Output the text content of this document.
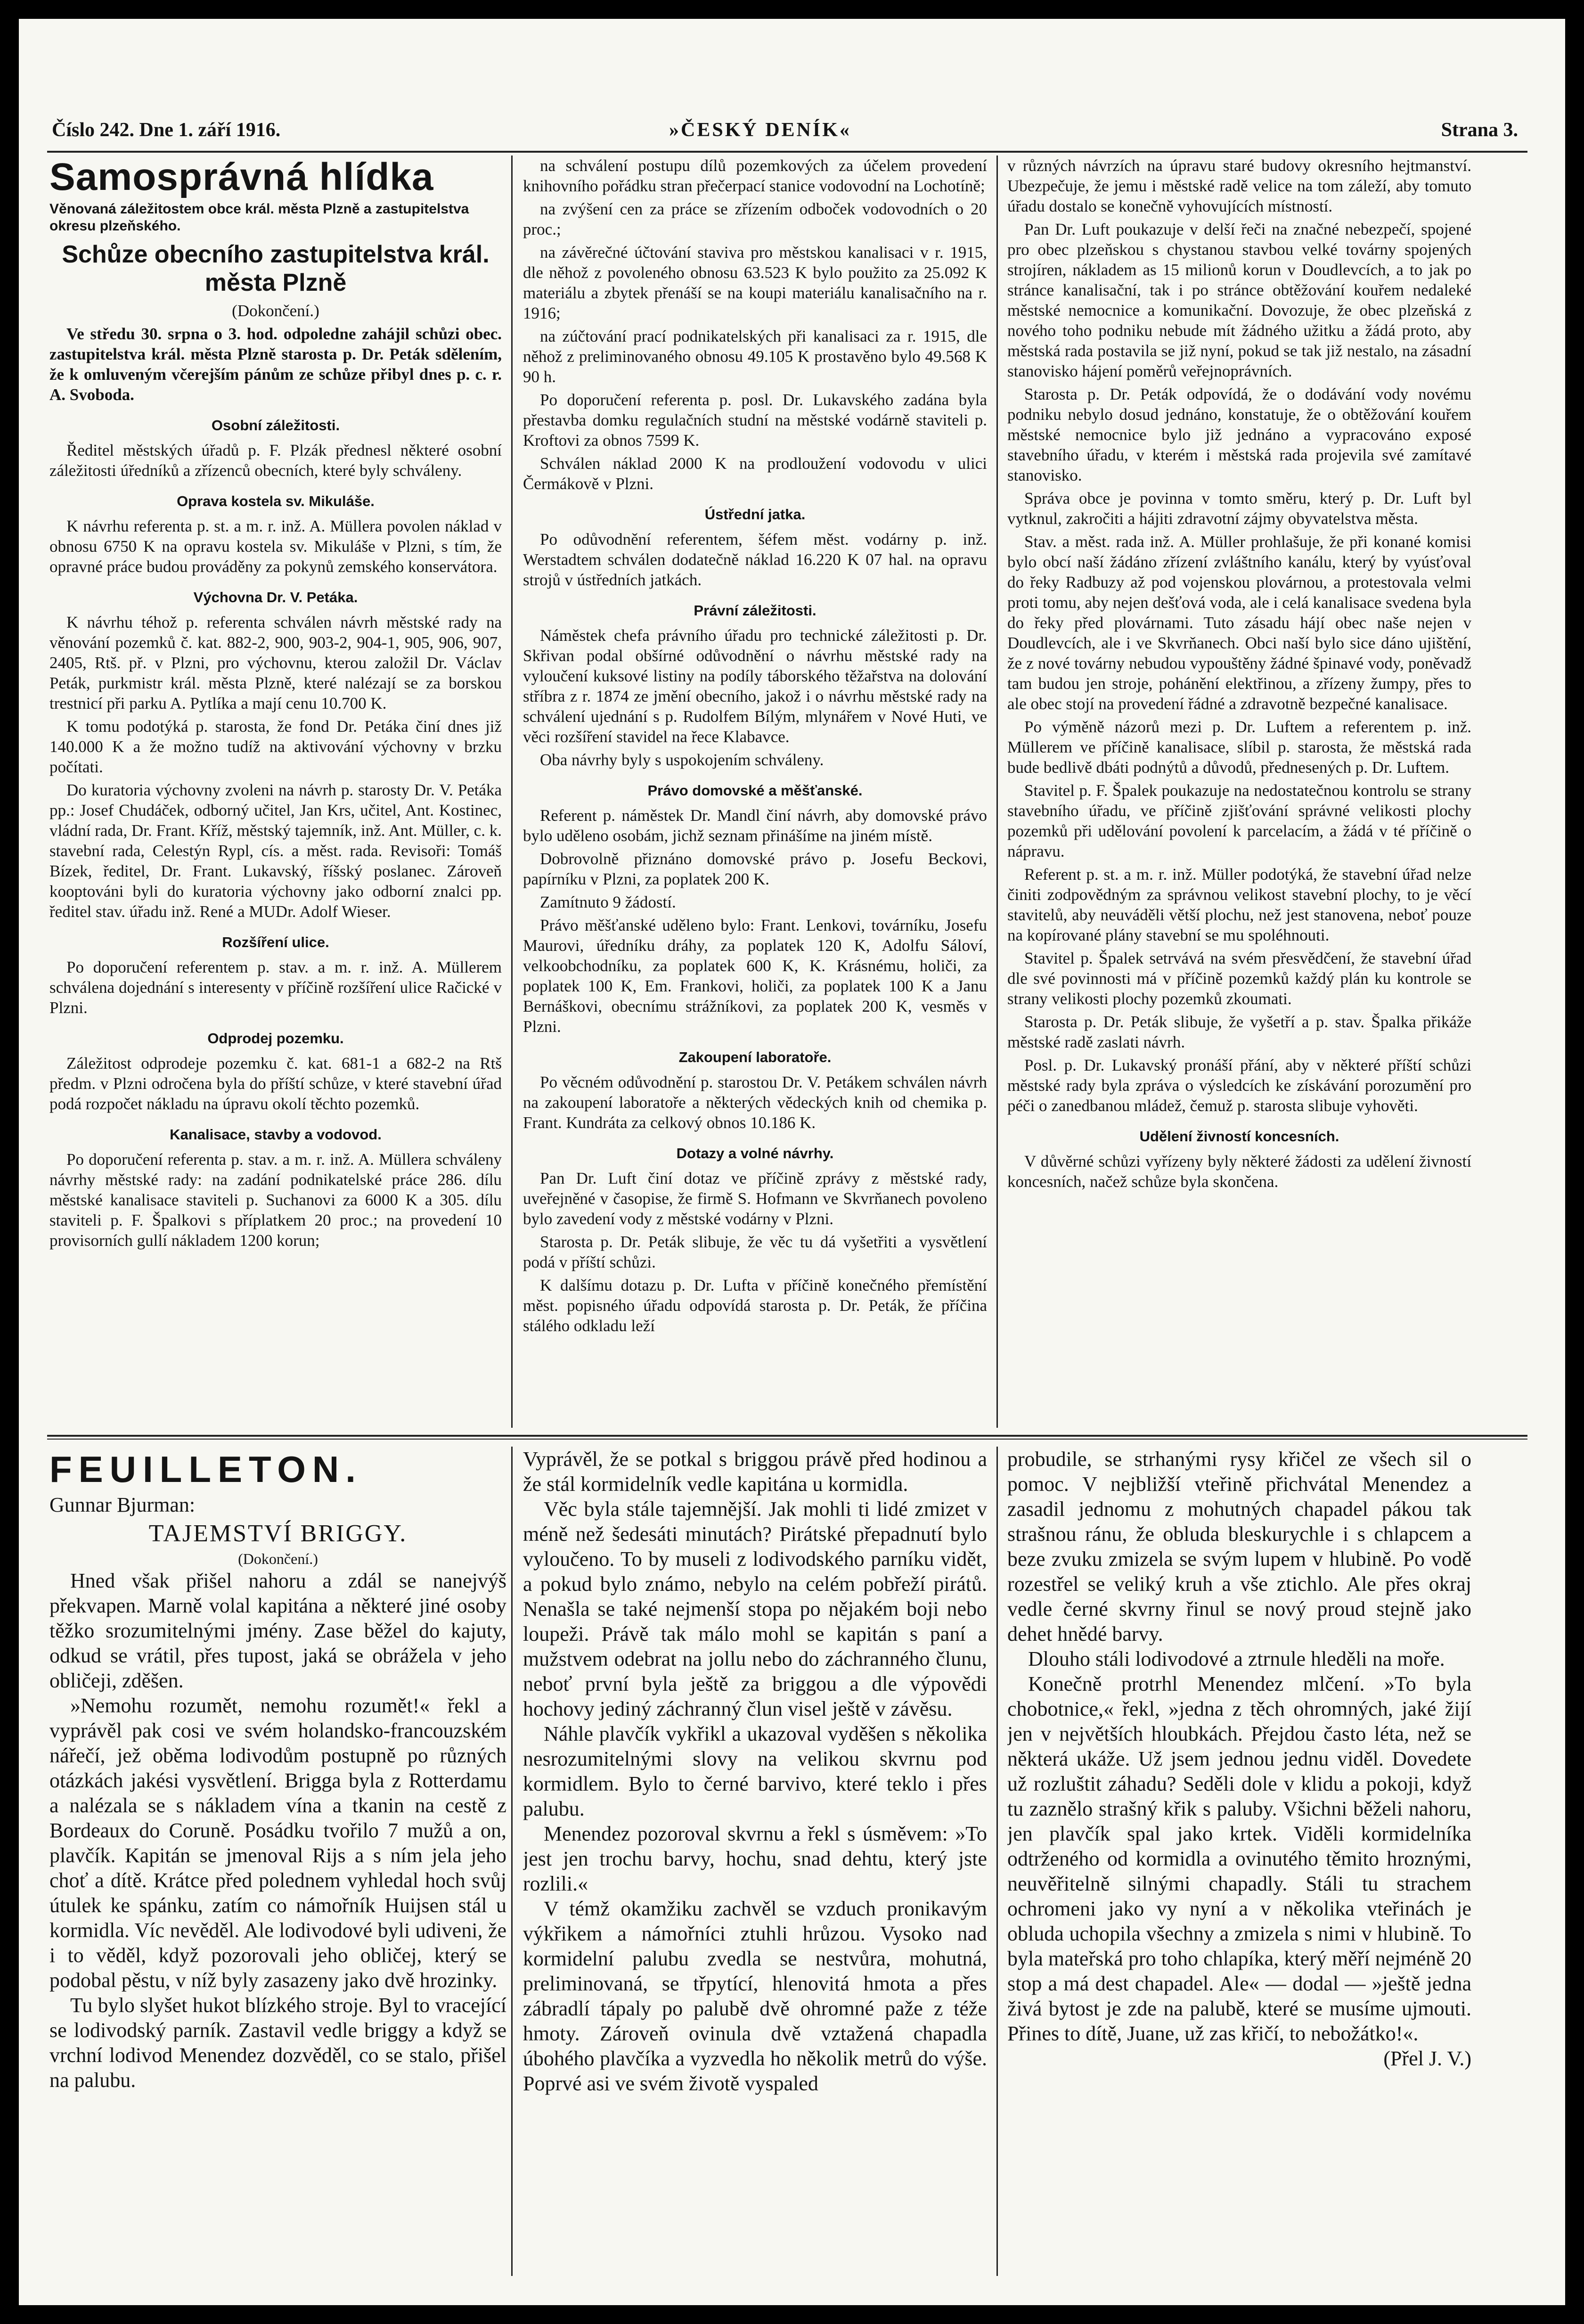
Číslo 242. Dne 1. září 1916.	»ČESKÝ DENÍK«	Strana 3.
Samosprávná hlídka
Věnovaná záležitostem obce král. města Plzně a zastupitelstva okresu plzeňského.
Schůze obecního zastupitelstva král. města Plzně

(Dokončení.)

Ve středu 30. srpna o 3. hod. odpoledne zahájil schůzi obec. zastupitelstva král. města Plzně starosta p. Dr. Peták sdělením, že k omluveným včerejším pánům ze schůze přibyl dnes p. c. r. A. Svoboda.

Osobní záležitosti.

Ředitel městských úřadů p. F. Plzák přednesl některé osobní záležitosti úředníků a zřízenců obecních, které byly schváleny.

Oprava kostela sv. Mikuláše.

K návrhu referenta p. st. a m. r. inž. A. Müllera povolen náklad v obnosu 6750 K na opravu kostela sv. Mikuláše v Plzni, s tím, že opravné práce budou prováděny za pokynů zemského konservátora.

Výchovna Dr. V. Petáka.

K návrhu téhož p. referenta schválen návrh městské rady na věnování pozemků č. kat. 882-2, 900, 903-2, 904-1, 905, 906, 907, 2405, Rtš. př. v Plzni, pro výchovnu, kterou založil Dr. Václav Peták, purkmistr král. města Plzně, které nalézají se za borskou trestnicí při parku A. Pytlíka a mají cenu 10.700 K.

K tomu podotýká p. starosta, že fond Dr. Petáka činí dnes již 140.000 K a že možno tudíž na aktivování výchovny v brzku počítati.

Do kuratoria výchovny zvoleni na návrh p. starosty Dr. V. Petáka pp.: Josef Chudáček, odborný učitel, Jan Krs, učitel, Ant. Kostinec, vládní rada, Dr. Frant. Kříž, městský tajemník, inž. Ant. Müller, c. k. stavební rada, Celestýn Rypl, cís. a měst. rada. Revisoři: Tomáš Bízek, ředitel, Dr. Frant. Lukavský, říšský poslanec. Zároveň kooptováni byli do kuratoria výchovny jako odborní znalci pp. ředitel stav. úřadu inž. René a MUDr. Adolf Wieser.

Rozšíření ulice.

Po doporučení referentem p. stav. a m. r. inž. A. Müllerem schválena dojednání s interesenty v příčině rozšíření ulice Račické v Plzni.

Odprodej pozemku.

Záležitost odprodeje pozemku č. kat. 681-1 a 682-2 na Rtš předm. v Plzni odročena byla do příští schůze, v které stavební úřad podá rozpočet nákladu na úpravu okolí těchto pozemků.

Kanalisace, stavby a vodovod.

Po doporučení referenta p. stav. a m. r. inž. A. Müllera schváleny návrhy městské rady: na zadání podnikatelské práce 286. dílu městské kanalisace staviteli p. Suchanovi za 6000 K a 305. dílu staviteli p. F. Špalkovi s příplatkem 20 proc.; na provedení 10 provisorních gullí nákladem 1200 korun;

na schválení postupu dílů pozemkových za účelem provedení knihovního pořádku stran přečerpací stanice vodovodní na Lochotíně;

na zvýšení cen za práce se zřízením odboček vodovodních o 20 proc.;

na závěrečné účtování staviva pro městskou kanalisaci v r. 1915, dle něhož z povoleného obnosu 63.523 K bylo použito za 25.092 K materiálu a zbytek přenáší se na koupi materiálu kanalisačního na r. 1916;

na zúčtování prací podnikatelských při kanalisaci za r. 1915, dle něhož z preliminovaného obnosu 49.105 K prostavěno bylo 49.568 K 90 h.

Po doporučení referenta p. posl. Dr. Lukavského zadána byla přestavba domku regulačních studní na městské vodárně staviteli p. Kroftovi za obnos 7599 K.

Schválen náklad 2000 K na prodloužení vodovodu v ulici Čermákově v Plzni.

Ústřední jatka.

Po odůvodnění referentem, šéfem měst. vodárny p. inž. Werstadtem schválen dodatečně náklad 16.220 K 07 hal. na opravu strojů v ústředních jatkách.

Právní záležitosti.

Náměstek chefa právního úřadu pro technické záležitosti p. Dr. Skřivan podal obšírné odůvodnění o návrhu městské rady na vyloučení kuksové listiny na podíly táborského těžařstva na dolování stříbra z r. 1874 ze jmění obecního, jakož i o návrhu městské rady na schválení ujednání s p. Rudolfem Bílým, mlynářem v Nové Huti, ve věci rozšíření stavidel na řece Klabavce.

Oba návrhy byly s uspokojením schváleny.

Právo domovské a měšťanské.

Referent p. náměstek Dr. Mandl činí návrh, aby domovské právo bylo uděleno osobám, jichž seznam přinášíme na jiném místě.

Dobrovolně přiznáno domovské právo p. Josefu Beckovi, papírníku v Plzni, za poplatek 200 K.

Zamítnuto 9 žádostí.

Právo měšťanské uděleno bylo: Frant. Lenkovi, továrníku, Josefu Maurovi, úředníku dráhy, za poplatek 120 K, Adolfu Sáloví, velkoobchodníku, za poplatek 600 K, K. Krásnému, holiči, za poplatek 100 K, Em. Frankovi, holiči, za poplatek 100 K a Janu Bernáškovi, obecnímu strážníkovi, za poplatek 200 K, vesměs v Plzni.

Zakoupení laboratoře.

Po věcném odůvodnění p. starostou Dr. V. Petákem schválen návrh na zakoupení laboratoře a některých vědeckých knih od chemika p. Frant. Kundráta za celkový obnos 10.186 K.

Dotazy a volné návrhy.

Pan Dr. Luft činí dotaz ve příčině zprávy z městské rady, uveřejněné v časopise, že firmě S. Hofmann ve Skvrňanech povoleno bylo zavedení vody z městské vodárny v Plzni.

Starosta p. Dr. Peták slibuje, že věc tu dá vyšetřiti a vysvětlení podá v příští schůzi.

K dalšímu dotazu p. Dr. Lufta v příčině konečného přemístění měst. popisného úřadu odpovídá starosta p. Dr. Peták, že příčina stálého odkladu leží

v různých návrzích na úpravu staré budovy okresního hejtmanství. Ubezpečuje, že jemu i městské radě velice na tom záleží, aby tomuto úřadu dostalo se konečně vyhovujících místností.

Pan Dr. Luft poukazuje v delší řeči na značné nebezpečí, spojené pro obec plzeňskou s chystanou stavbou velké továrny spojených strojíren, nákladem as 15 milionů korun v Doudlevcích, a to jak po stránce kanalisační, tak i po stránce obtěžování kouřem nedaleké městské nemocnice a komunikační. Dovozuje, že obec plzeňská z nového toho podniku nebude mít žádného užitku a žádá proto, aby městská rada postavila se již nyní, pokud se tak již nestalo, na zásadní stanovisko hájení poměrů veřejnoprávních.

Starosta p. Dr. Peták odpovídá, že o dodávání vody novému podniku nebylo dosud jednáno, konstatuje, že o obtěžování kouřem městské nemocnice bylo již jednáno a vypracováno exposé stavebního úřadu, v kterém i městská rada projevila své zamítavé stanovisko.

Správa obce je povinna v tomto směru, který p. Dr. Luft byl vytknul, zakročiti a hájiti zdravotní zájmy obyvatelstva města.

Stav. a měst. rada inž. A. Müller prohlašuje, že při konané komisi bylo obcí naší žádáno zřízení zvláštního kanálu, který by vyúsťoval do řeky Radbuzy až pod vojenskou plovárnou, a protestovala velmi proti tomu, aby nejen dešťová voda, ale i celá kanalisace svedena byla do řeky před plovárnami. Tuto zásadu hájí obec naše nejen v Doudlevcích, ale i ve Skvrňanech. Obci naší bylo sice dáno ujištění, že z nové továrny nebudou vypouštěny žádné špinavé vody, poněvadž tam budou jen stroje, pohánění elektřinou, a zřízeny žumpy, přes to ale obec stojí na provedení řádné a zdravotně bezpečné kanalisace.

Po výměně názorů mezi p. Dr. Luftem a referentem p. inž. Müllerem ve příčině kanalisace, slíbil p. starosta, že městská rada bude bedlivě dbáti podnýtů a důvodů, přednesených p. Dr. Luftem.

Stavitel p. F. Špalek poukazuje na nedostatečnou kontrolu se strany stavebního úřadu, ve příčině zjišťování správné velikosti plochy pozemků při udělování povolení k parcelacím, a žádá v té příčině o nápravu.

Referent p. st. a m. r. inž. Müller podotýká, že stavební úřad nelze činiti zodpovědným za správnou velikost stavební plochy, to je věcí stavitelů, aby neuváděli větší plochu, než jest stanovena, neboť pouze na kopírované plány stavební se mu spoléhnouti.

Stavitel p. Špalek setrvává na svém přesvědčení, že stavební úřad dle své povinnosti má v příčině pozemků každý plán ku kontrole se strany velikosti plochy pozemků zkoumati.

Starosta p. Dr. Peták slibuje, že vyšetří a p. stav. Špalka přikáže městské radě zaslati návrh.

Posl. p. Dr. Lukavský pronáší přání, aby v některé příští schůzi městské rady byla zpráva o výsledcích ke získávání porozumění pro péči o zanedbanou mládež, čemuž p. starosta slibuje vyhověti.

Udělení živností koncesních.

V důvěrné schůzi vyřízeny byly některé žádosti za udělení živností koncesních, načež schůze byla skončena.

FEUILLETON.
Gunnar Bjurman:
TAJEMSTVÍ BRIGGY.
(Dokončení.)

Hned však přišel nahoru a zdál se nanejvýš překvapen. Marně volal kapitána a některé jiné osoby těžko srozumitelnými jmény. Zase běžel do kajuty, odkud se vrátil, přes tupost, jaká se obrážela v jeho obličeji, zděšen.

»Nemohu rozumět, nemohu rozumět!« řekl a vyprávěl pak cosi ve svém holandsko-francouzském nářečí, jež oběma lodivodům postupně po různých otázkách jakési vysvětlení. Brigga byla z Rotterdamu a nalézala se s nákladem vína a tkanin na cestě z Bordeaux do Coruně. Posádku tvořilo 7 mužů a on, plavčík. Kapitán se jmenoval Rijs a s ním jela jeho choť a dítě. Krátce před polednem vyhledal hoch svůj útulek ke spánku, zatím co námořník Huijsen stál u kormidla. Víc nevěděl. Ale lodivodové byli udiveni, že i to věděl, když pozorovali jeho obličej, který se podobal pěstu, v níž byly zasazeny jako dvě hrozinky.

Tu bylo slyšet hukot blízkého stroje. Byl to vracející se lodivodský parník. Zastavil vedle briggy a když se vrchní lodivod Menendez dozvěděl, co se stalo, přišel na palubu.

Vyprávěl, že se potkal s briggou právě před hodinou a že stál kormidelník vedle kapitána u kormidla.

Věc byla stále tajemnější. Jak mohli ti lidé zmizet v méně než šedesáti minutách? Pirátské přepadnutí bylo vyloučeno. To by museli z lodivodského parníku vidět, a pokud bylo známo, nebylo na celém pobřeží pirátů. Nenašla se také nejmenší stopa po nějakém boji nebo loupeži. Právě tak málo mohl se kapitán s paní a mužstvem odebrat na jollu nebo do záchranného člunu, neboť první byla ještě za briggou a dle výpovědi hochovy jediný záchranný člun visel ještě v závěsu.

Náhle plavčík vykřikl a ukazoval vyděšen s několika nesrozumitelnými slovy na velikou skvrnu pod kormidlem. Bylo to černé barvivo, které teklo i přes palubu.

Menendez pozoroval skvrnu a řekl s úsměvem: »To jest jen trochu barvy, hochu, snad dehtu, který jste rozlili.«

V témž okamžiku zachvěl se vzduch pronikavým výkřikem a námořníci ztuhli hrůzou. Vysoko nad kormidelní palubu zvedla se nestvůra, mohutná, preliminovaná, se třpytící, hlenovitá hmota a přes zábradlí tápaly po palubě dvě ohromné paže z téže hmoty. Zároveň ovinula dvě vztažená chapadla úbohého plavčíka a vyzvedla ho několik metrů do výše. Poprvé asi ve svém životě vyspaled

probudile, se strhanými rysy křičel ze všech sil o pomoc. V nejbližší vteřině přichvátal Menendez a zasadil jednomu z mohutných chapadel pákou tak strašnou ránu, že obluda bleskurychle i s chlapcem a beze zvuku zmizela se svým lupem v hlubině. Po vodě rozestřel se veliký kruh a vše ztichlo. Ale přes okraj vedle černé skvrny řinul se nový proud stejně jako dehet hnědé barvy.

Dlouho stáli lodivodové a ztrnule hleděli na moře.

Konečně protrhl Menendez mlčení. »To byla chobotnice,« řekl, »jedna z těch ohromných, jaké žijí jen v největších hloubkách. Přejdou často léta, než se některá ukáže. Už jsem jednou jednu viděl. Dovedete už rozluštit záhadu? Seděli dole v klidu a pokoji, když tu zaznělo strašný křik s paluby. Všichni běželi nahoru, jen plavčík spal jako krtek. Viděli kormidelníka odtrženého od kormidla a ovinutého těmito hroznými, neuvěřitelně silnými chapadly. Stáli tu strachem ochromeni jako vy nyní a v několika vteřinách je obluda uchopila všechny a zmizela s nimi v hlubině. To byla mateřská pro toho chlapíka, který měří nejméně 20 stop a má dest chapadel. Ale« — dodal — »ještě jedna živá bytost je zde na palubě, které se musíme ujmouti. Přines to dítě, Juane, už zas křičí, to nebožátko!«.

(Přel J. V.)
